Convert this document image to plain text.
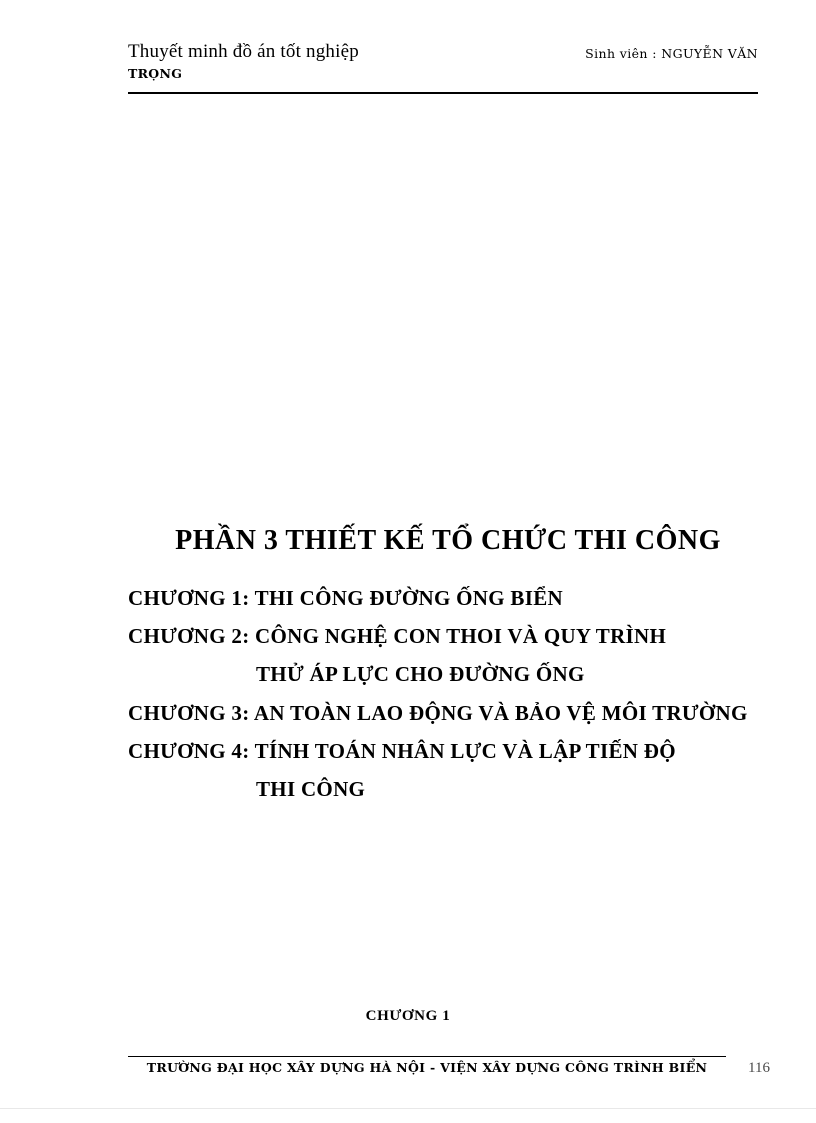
Thuyết minh đồ án tốt nghiệp	Sinh viên : NGUYỄN VĂN
TRỌNG
PHẦN 3 THIẾT KẾ TỔ CHỨC THI CÔNG
CHƯƠNG 1: THI CÔNG ĐƯỜNG ỐNG BIỂN
CHƯƠNG 2: CÔNG NGHỆ CON THOI VÀ QUY TRÌNH
THỬ ÁP LỰC CHO ĐƯỜNG ỐNG
CHƯƠNG 3: AN TOÀN LAO ĐỘNG VÀ BẢO VỆ MÔI TRƯỜNG
CHƯƠNG 4: TÍNH TOÁN NHÂN LỰC VÀ LẬP TIẾN ĐỘ
THI CÔNG
CHƯƠNG 1
TRƯỜNG ĐẠI HỌC XÂY DỰNG HÀ NỘI - VIỆN XÂY DỰNG CÔNG TRÌNH BIỂN	116
